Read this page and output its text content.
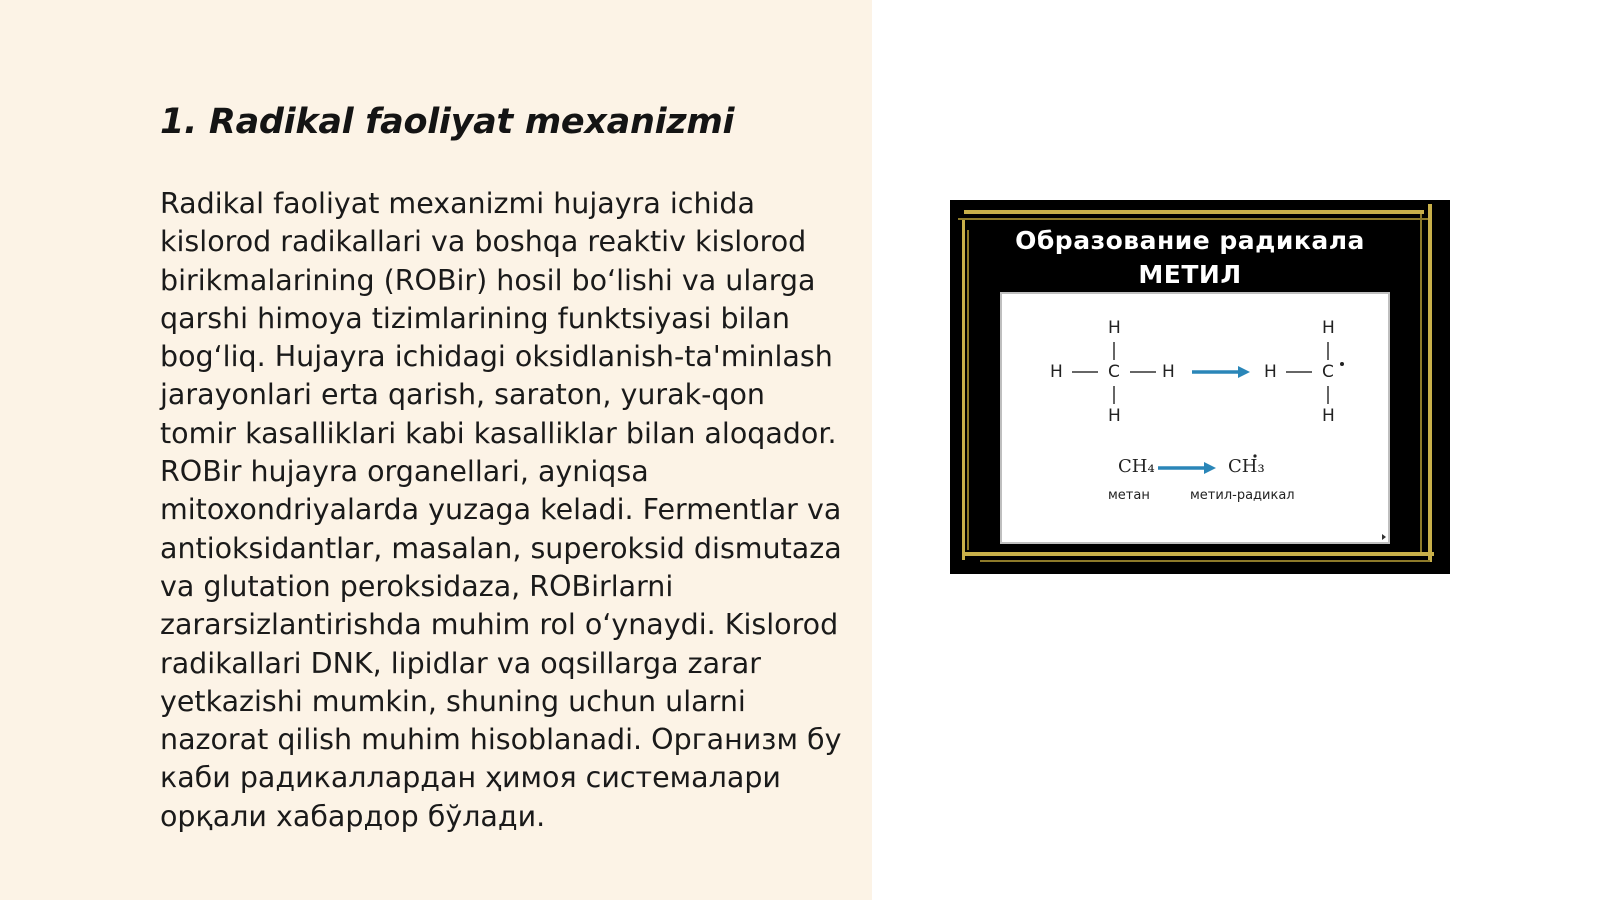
1. Radikal faoliyat mexanizmi

Radikal faoliyat mexanizmi hujayra ichida kislorod radikallari va boshqa reaktiv kislorod birikmalarining (ROBir) hosil boʻlishi va ularga qarshi himoya tizimlarining funktsiyasi bilan bogʻliq. Hujayra ichidagi oksidlanish-ta'minlash jarayonlari erta qarish, saraton, yurak-qon tomir kasalliklari kabi kasalliklar bilan aloqador. ROBir hujayra organellari, ayniqsa mitoxondriyalarda yuzaga keladi. Fermentlar va antioksidantlar, masalan, superoksid dismutaza va glutation peroksidaza, ROBirlarni zararsizlantirishda muhim rol oʻynaydi. Kislorod radikallari DNK, lipidlar va oqsillarga zarar yetkazishi mumkin, shuning uchun ularni nazorat qilish muhim hisoblanadi. Организм бу каби радикаллардан ҳимоя системалари орқали хабардор бўлади.

Образование радикала
МЕТИЛ
H
C
H	H
H
H
C
H
H
CH₄	CH₃
метан	метил-радикал
